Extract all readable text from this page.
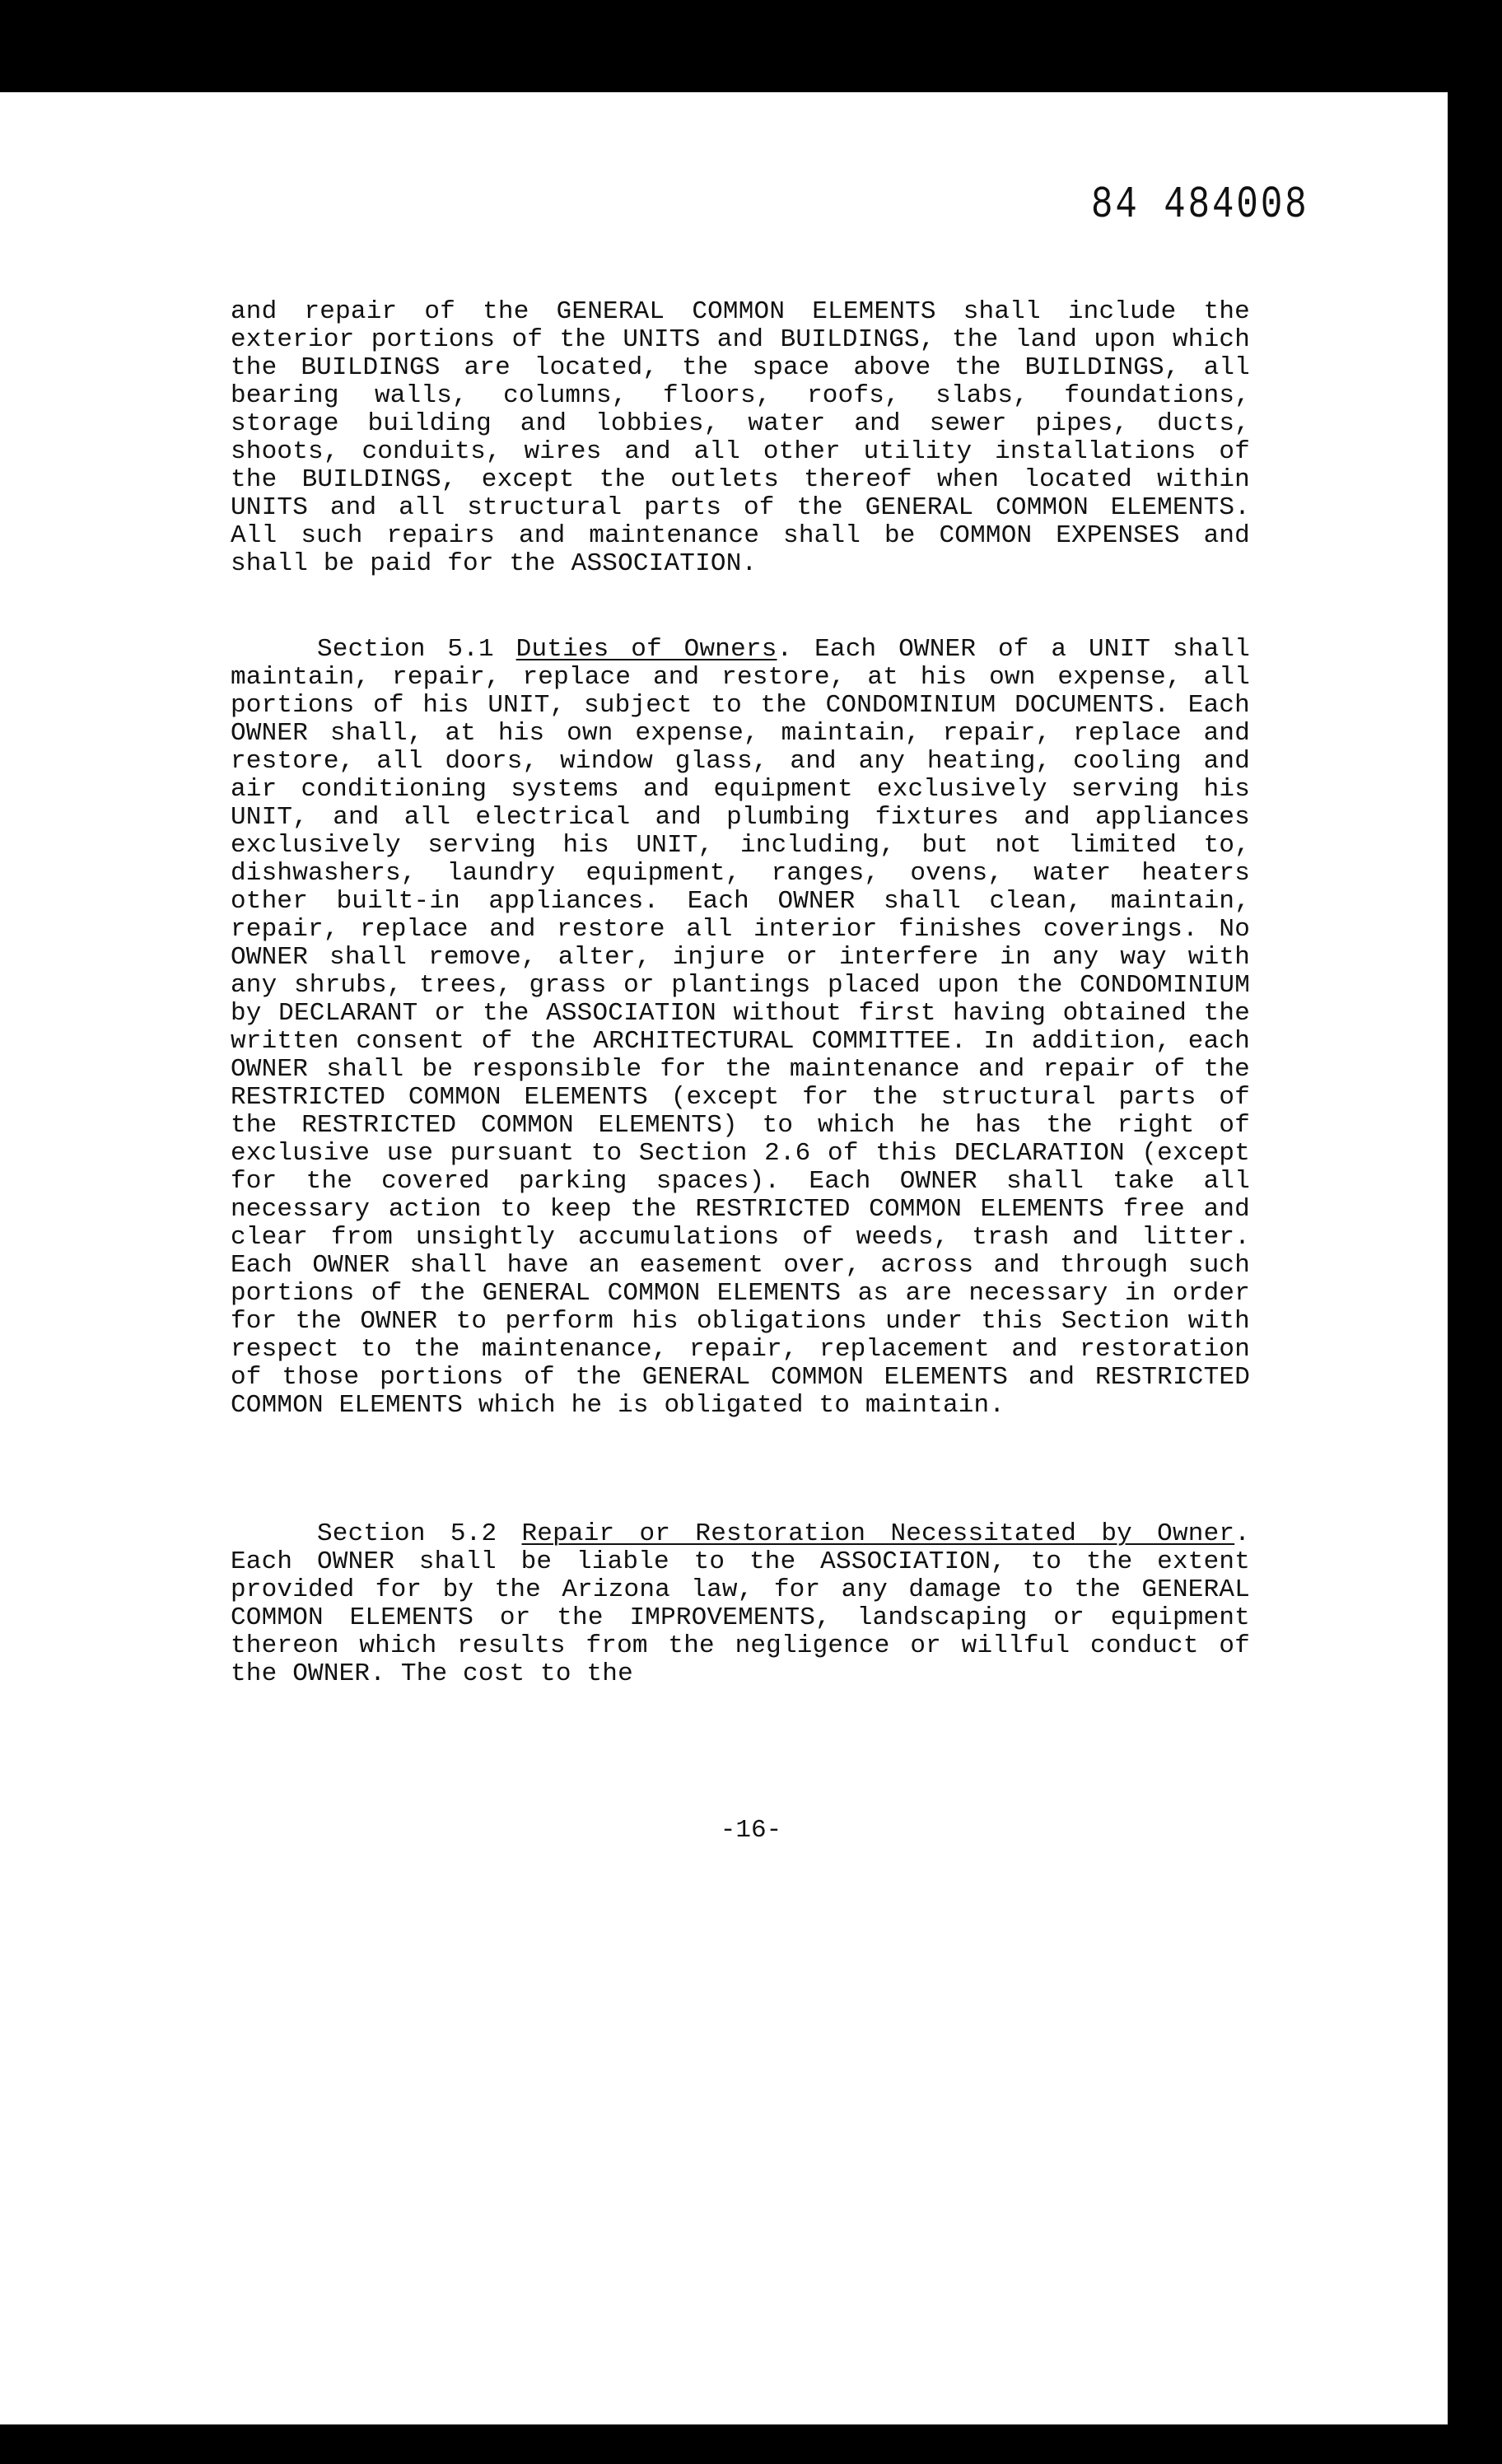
84 484008

and repair of the GENERAL COMMON ELEMENTS shall include the exterior portions of the UNITS and BUILDINGS, the land upon which the BUILDINGS are located, the space above the BUILDINGS, all bearing walls, columns, floors, roofs, slabs, foundations, storage building and lobbies, water and sewer pipes, ducts, shoots, conduits, wires and all other utility installations of the BUILDINGS, except the outlets thereof when located within UNITS and all structural parts of the GENERAL COMMON ELEMENTS. All such repairs and maintenance shall be COMMON EXPENSES and shall be paid for the ASSOCIATION.

Section 5.1 Duties of Owners. Each OWNER of a UNIT shall maintain, repair, replace and restore, at his own expense, all portions of his UNIT, subject to the CONDOMINIUM DOCUMENTS. Each OWNER shall, at his own expense, maintain, repair, replace and restore, all doors, window glass, and any heating, cooling and air conditioning systems and equipment exclusively serving his UNIT, and all electrical and plumbing fixtures and appliances exclusively serving his UNIT, including, but not limited to, dishwashers, laundry equipment, ranges, ovens, water heaters other built-in appliances. Each OWNER shall clean, maintain, repair, replace and restore all interior finishes coverings. No OWNER shall remove, alter, injure or interfere in any way with any shrubs, trees, grass or plantings placed upon the CONDOMINIUM by DECLARANT or the ASSOCIATION without first having obtained the written consent of the ARCHITECTURAL COMMITTEE. In addition, each OWNER shall be responsible for the maintenance and repair of the RESTRICTED COMMON ELEMENTS (except for the structural parts of the RESTRICTED COMMON ELEMENTS) to which he has the right of exclusive use pursuant to Section 2.6 of this DECLARATION (except for the covered parking spaces). Each OWNER shall take all necessary action to keep the RESTRICTED COMMON ELEMENTS free and clear from unsightly accumulations of weeds, trash and litter. Each OWNER shall have an easement over, across and through such portions of the GENERAL COMMON ELEMENTS as are necessary in order for the OWNER to perform his obligations under this Section with respect to the maintenance, repair, replacement and restoration of those portions of the GENERAL COMMON ELEMENTS and RESTRICTED COMMON ELEMENTS which he is obligated to maintain.

Section 5.2 Repair or Restoration Necessitated by Owner. Each OWNER shall be liable to the ASSOCIATION, to the extent provided for by the Arizona law, for any damage to the GENERAL COMMON ELEMENTS or the IMPROVEMENTS, landscaping or equipment thereon which results from the negligence or willful conduct of the OWNER. The cost to the

-16-
